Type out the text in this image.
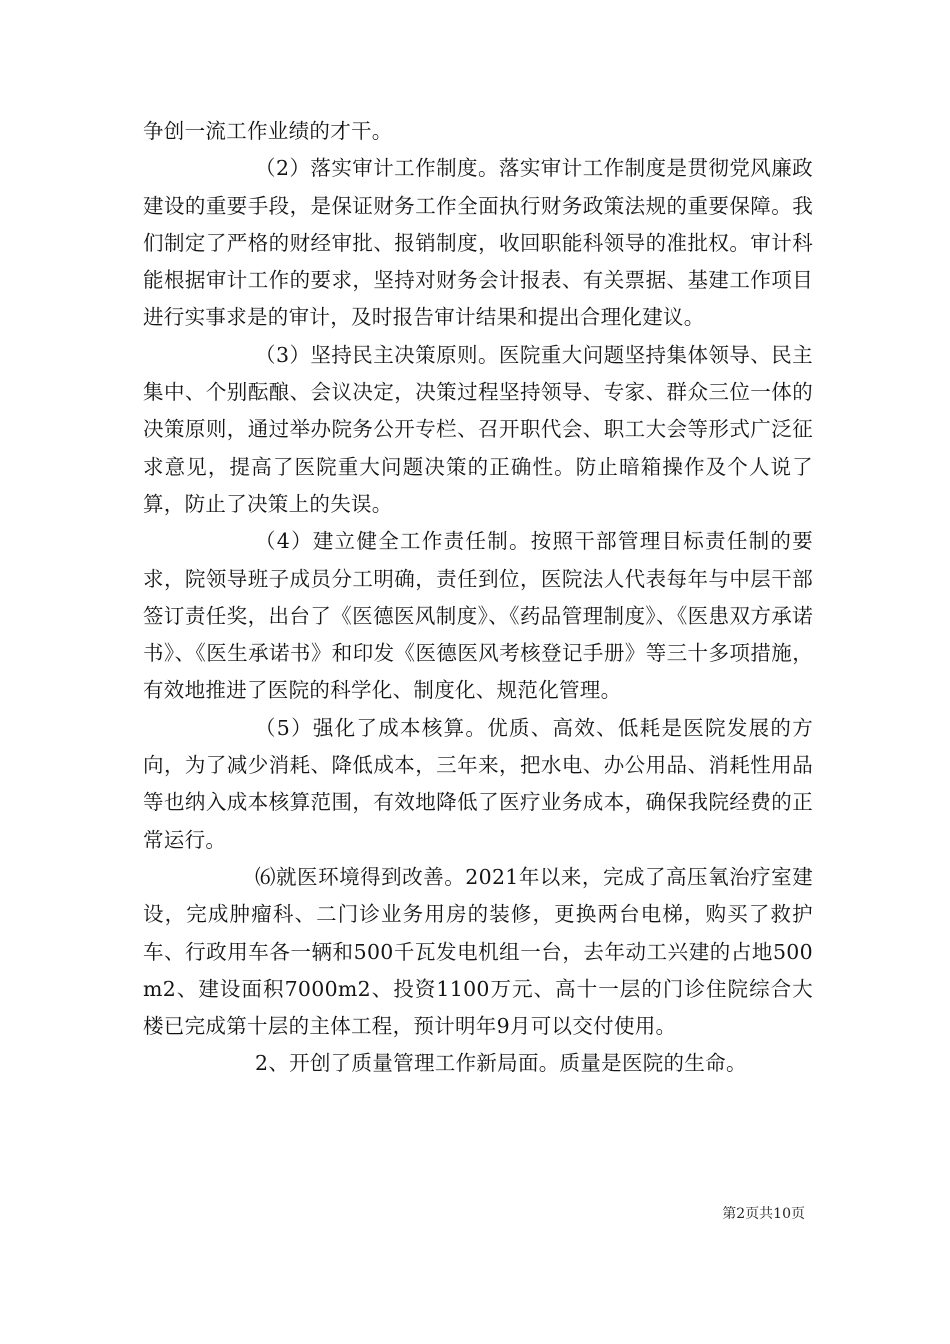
争创一流工作业绩的才干。

（2）落实审计工作制度。落实审计工作制度是贯彻党风廉政建设的重要手段，是保证财务工作全面执行财务政策法规的重要保障。我们制定了严格的财经审批、报销制度，收回职能科领导的准批权。审计科能根据审计工作的要求，坚持对财务会计报表、有关票据、基建工作项目进行实事求是的审计，及时报告审计结果和提出合理化建议。

（3）坚持民主决策原则。医院重大问题坚持集体领导、民主集中、个别酝酿、会议决定，决策过程坚持领导、专家、群众三位一体的决策原则，通过举办院务公开专栏、召开职代会、职工大会等形式广泛征求意见，提高了医院重大问题决策的正确性。防止暗箱操作及个人说了算，防止了决策上的失误。

（4）建立健全工作责任制。按照干部管理目标责任制的要求，院领导班子成员分工明确，责任到位，医院法人代表每年与中层干部签订责任奖，出台了《医德医风制度》、《药品管理制度》、《医患双方承诺书》、《医生承诺书》和印发《医德医风考核登记手册》等三十多项措施，有效地推进了医院的科学化、制度化、规范化管理。

（5）强化了成本核算。优质、高效、低耗是医院发展的方向，为了减少消耗、降低成本，三年来，把水电、办公用品、消耗性用品等也纳入成本核算范围，有效地降低了医疗业务成本，确保我院经费的正常运行。

⑹就医环境得到改善。2021年以来，完成了高压氧治疗室建设，完成肿瘤科、二门诊业务用房的装修，更换两台电梯，购买了救护车、行政用车各一辆和500千瓦发电机组一台，去年动工兴建的占地500m2、建设面积7000m2、投资1100万元、高十一层的门诊住院综合大楼已完成第十层的主体工程，预计明年9月可以交付使用。

2、开创了质量管理工作新局面。质量是医院的生命。

第2页共10页
